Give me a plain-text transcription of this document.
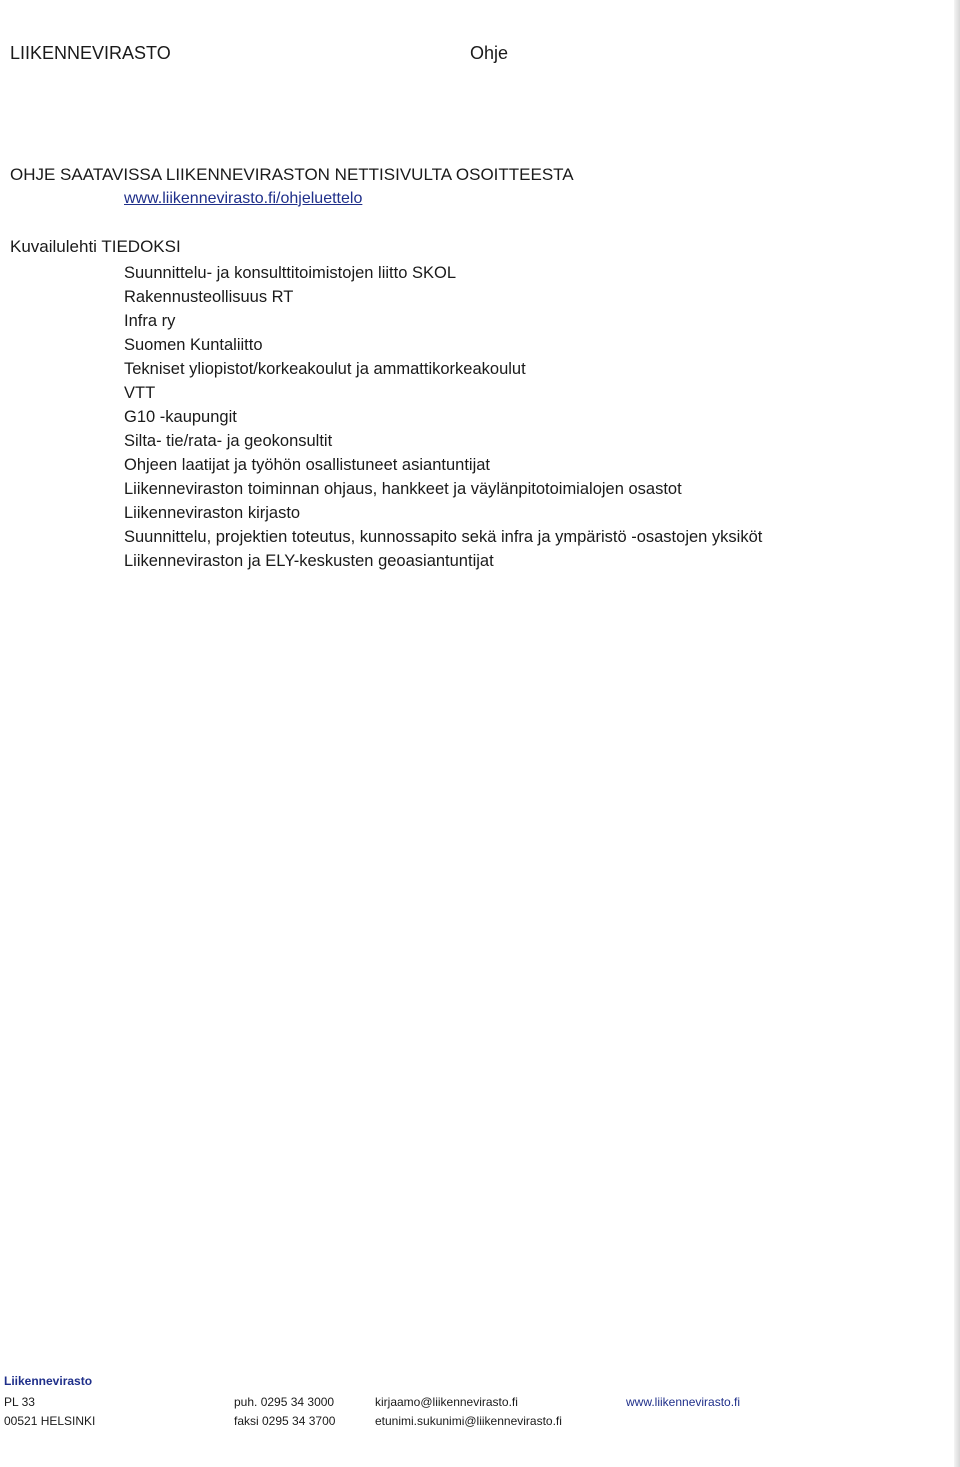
LIIKENNEVIRASTO	Ohje
OHJE SAATAVISSA LIIKENNEVIRASTON NETTISIVULTA OSOITTEESTA
www.liikennevirasto.fi/ohjeluettelo
Kuvailulehti TIEDOKSI
Suunnittelu- ja konsulttitoimistojen liitto SKOL
Rakennusteollisuus RT
Infra ry
Suomen Kuntaliitto
Tekniset yliopistot/korkeakoulut ja ammattikorkeakoulut
VTT
G10 -kaupungit
Silta- tie/rata- ja geokonsultit
Ohjeen laatijat ja työhön osallistuneet asiantuntijat
Liikenneviraston toiminnan ohjaus, hankkeet ja väylänpitotoimialojen osastot
Liikenneviraston kirjasto
Suunnittelu, projektien toteutus, kunnossapito sekä infra ja ympäristö -osastojen yksiköt
Liikenneviraston ja ELY-keskusten geoasiantuntijat
Liikennevirasto
PL 33
00521 HELSINKI
puh. 0295 34 3000
faksi 0295 34 3700
kirjaamo@liikennevirasto.fi
etunimi.sukunimi@liikennevirasto.fi
www.liikennevirasto.fi
